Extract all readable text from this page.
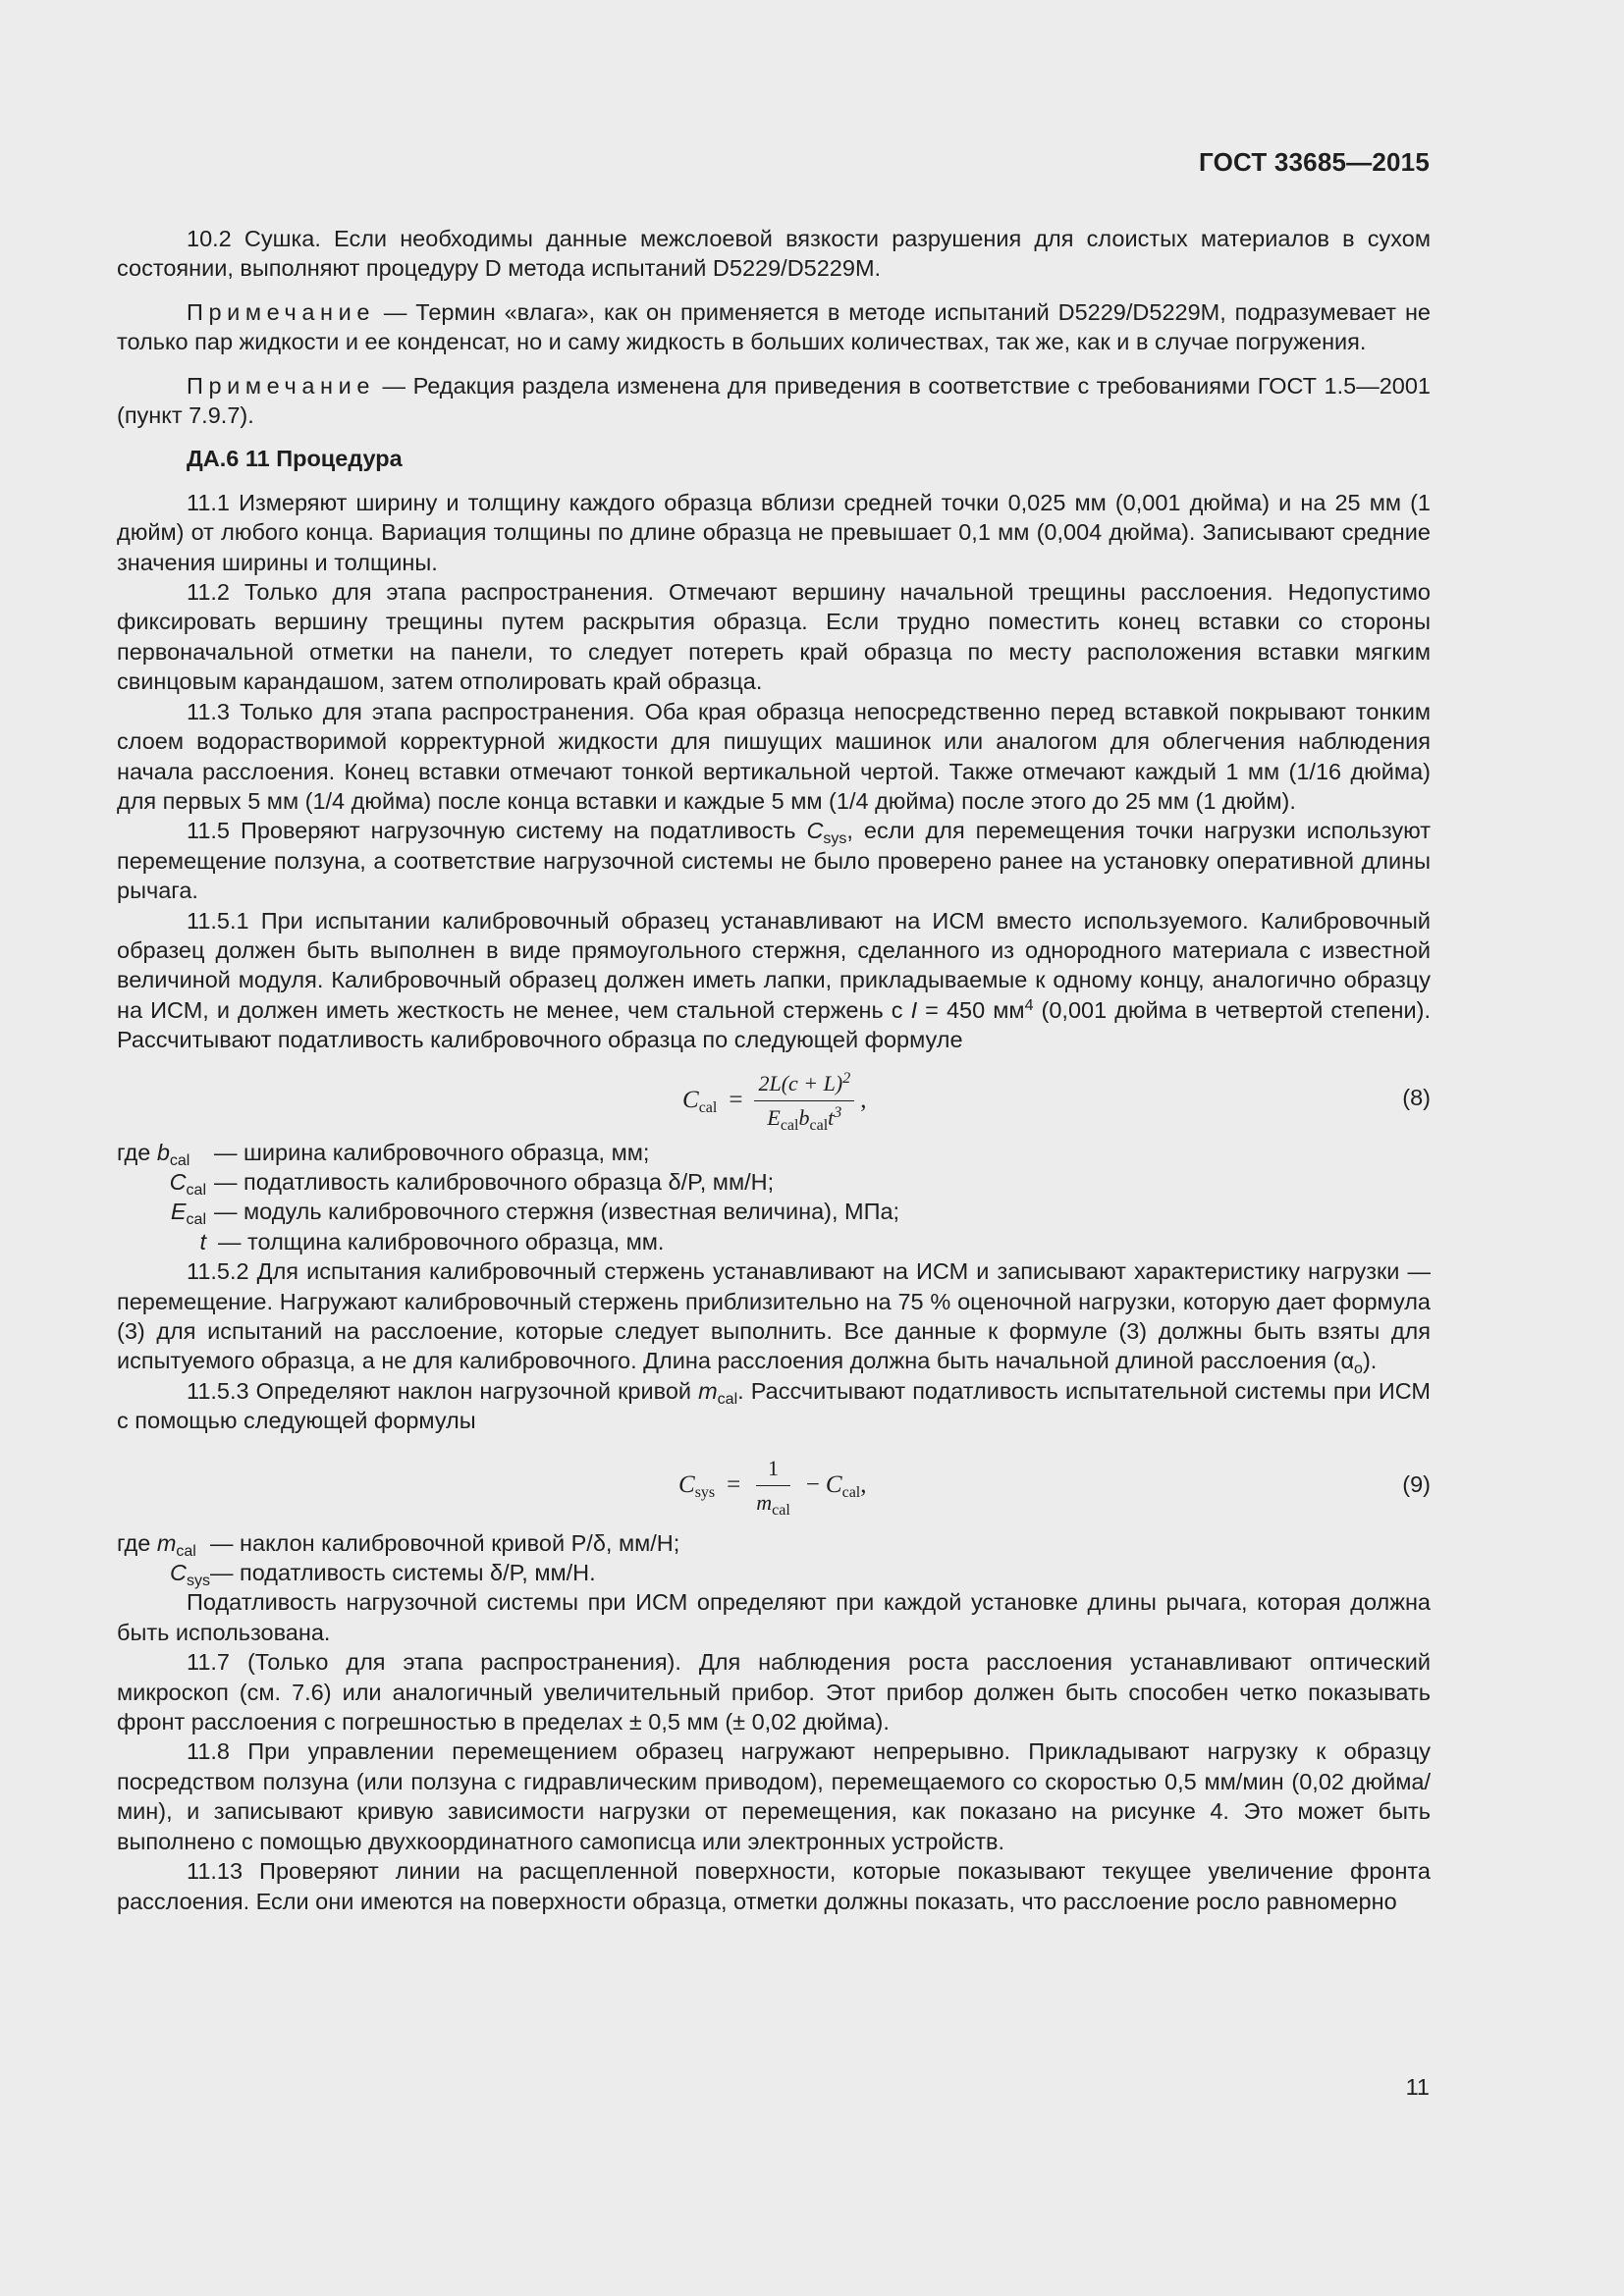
ГОСТ 33685—2015

10.2 Сушка. Если необходимы данные межслоевой вязкости разрушения для слоистых материалов в сухом состоянии, выполняют процедуру D метода испытаний D5229/D5229M.

Примечание — Термин «влага», как он применяется в методе испытаний D5229/D5229M, подразумевает не только пар жидкости и ее конденсат, но и саму жидкость в больших количествах, так же, как и в случае погружения.

Примечание — Редакция раздела изменена для приведения в соответствие с требованиями ГОСТ 1.5—2001 (пункт 7.9.7).

ДА.6 11 Процедура

11.1 Измеряют ширину и толщину каждого образца вблизи средней точки 0,025 мм (0,001 дюйма) и на 25 мм (1 дюйм) от любого конца. Вариация толщины по длине образца не превышает 0,1 мм (0,004 дюйма). Записывают средние значения ширины и толщины.

11.2 Только для этапа распространения. Отмечают вершину начальной трещины расслоения. Недопустимо фиксировать вершину трещины путем раскрытия образца. Если трудно поместить конец вставки со стороны первоначальной отметки на панели, то следует потереть край образца по месту расположения вставки мягким свинцовым карандашом, затем отполировать край образца.

11.3 Только для этапа распространения. Оба края образца непосредственно перед вставкой покрывают тонким слоем водорастворимой корректурной жидкости для пишущих машинок или аналогом для облегчения наблюдения начала расслоения. Конец вставки отмечают тонкой вертикальной чертой. Также отмечают каждый 1 мм (1/16 дюйма) для первых 5 мм (1/4 дюйма) после конца вставки и каждые 5 мм (1/4 дюйма) после этого до 25 мм (1 дюйм).

11.5 Проверяют нагрузочную систему на податливость $C_{sys}$, если для перемещения точки нагрузки используют перемещение ползуна, а соответствие нагрузочной системы не было проверено ранее на установку оперативной длины рычага.

11.5.1 При испытании калибровочный образец устанавливают на ИСМ вместо используемого. Калибровочный образец должен быть выполнен в виде прямоугольного стержня, сделанного из однородного материала с известной величиной модуля. Калибровочный образец должен иметь лапки, прикладываемые к одному концу, аналогично образцу на ИСМ, и должен иметь жесткость не менее, чем стальной стержень с I = 450 $мм^4$ (0,001 дюйма в четвертой степени). Рассчитывают податливость калибровочного образца по следующей формуле

$C_{cal} = \frac{2L(c + L)^2}{E_{cal}b_{cal}t^3}$ ,	(8)
где $b_{cal}$	— ширина калибровочного образца, мм;
$C_{cal}$ — податливость калибровочного образца δ/P, мм/Н;
$E_{cal}$ — модуль калибровочного стержня (известная величина), МПа;
t — толщина калибровочного образца, мм.

11.5.2 Для испытания калибровочный стержень устанавливают на ИСМ и записывают характеристику нагрузки — перемещение. Нагружают калибровочный стержень приблизительно на 75 % оценочной нагрузки, которую дает формула (3) для испытаний на расслоение, которые следует выполнить. Все данные к формуле (3) должны быть взяты для испытуемого образца, а не для калибровочного. Длина расслоения должна быть начальной длиной расслоения $(\alpha_o)$.

11.5.3 Определяют наклон нагрузочной кривой $m_{cal}$. Рассчитывают податливость испытательной системы при ИСМ с помощью следующей формулы

$C_{sys} = \frac{1}{m_{cal}} - C_{cal}$ ,	(9)
где $m_{cal}$ — наклон калибровочной кривой P/δ, мм/Н;
$C_{sys}$ — податливость системы δ/P, мм/Н.

Податливость нагрузочной системы при ИСМ определяют при каждой установке длины рычага, которая должна быть использована.

11.7 (Только для этапа распространения). Для наблюдения роста расслоения устанавливают оптический микроскоп (см. 7.6) или аналогичный увеличительный прибор. Этот прибор должен быть способен четко показывать фронт расслоения с погрешностью в пределах ± 0,5 мм (± 0,02 дюйма).

11.8 При управлении перемещением образец нагружают непрерывно. Прикладывают нагрузку к образцу посредством ползуна (или ползуна с гидравлическим приводом), перемещаемого со скоростью 0,5 мм/мин (0,02 дюйма/мин), и записывают кривую зависимости нагрузки от перемещения, как показано на рисунке 4. Это может быть выполнено с помощью двухкоординатного самописца или электронных устройств.

11.13 Проверяют линии на расщепленной поверхности, которые показывают текущее увеличение фронта расслоения. Если они имеются на поверхности образца, отметки должны показать, что расслоение росло равномерно

11
